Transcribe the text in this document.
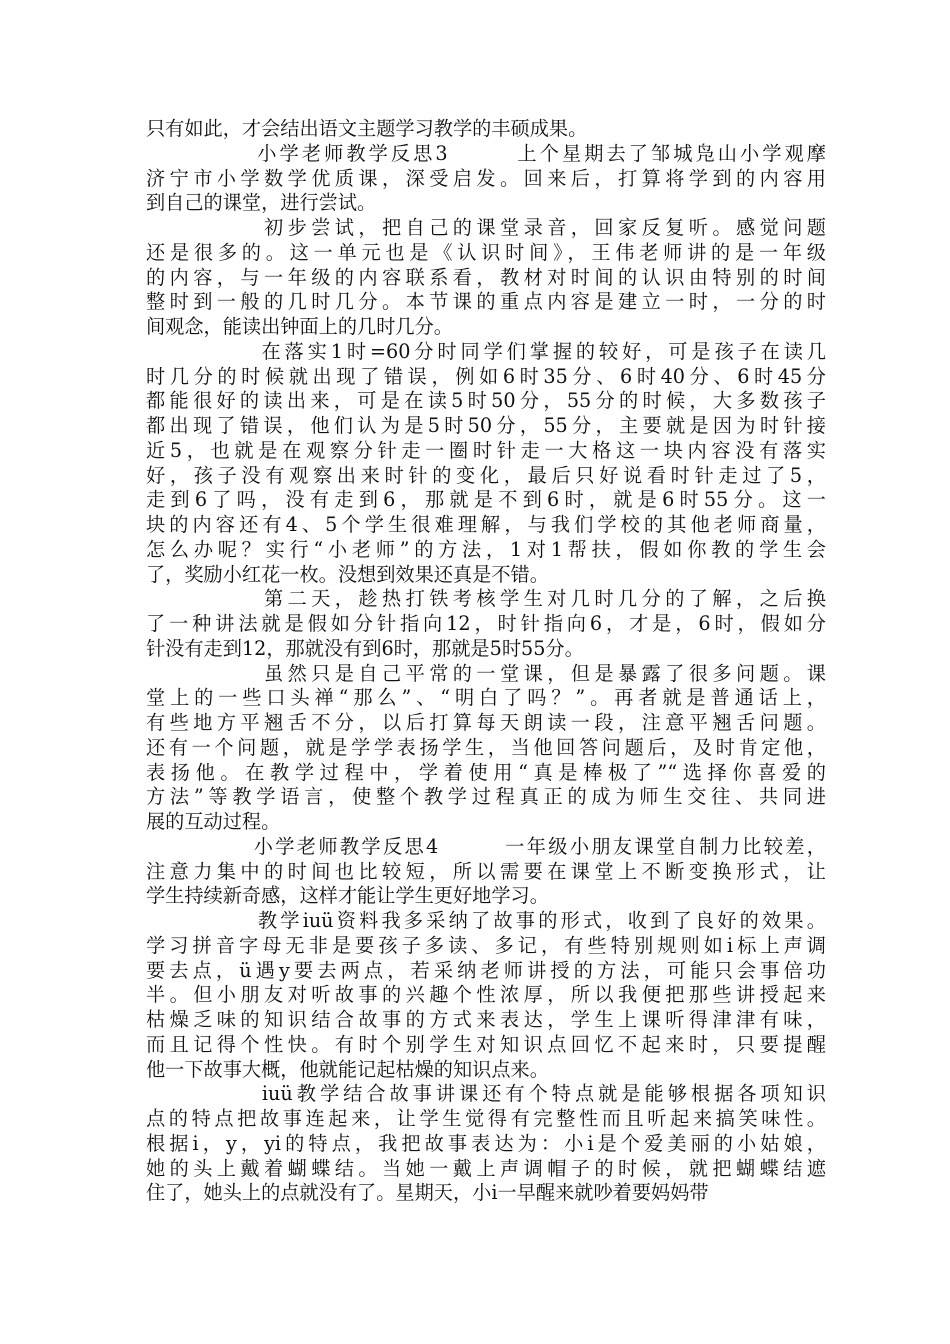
只有如此，才会结出语文主题学习教学的丰硕成果。
　　　　　小学老师教学反思3　　　上个星期去了邹城凫山小学观摩
济宁市小学数学优质课，深受启发。回来后，打算将学到的内容用
到自己的课堂，进行尝试。
　　　　　初步尝试，把自己的课堂录音，回家反复听。感觉问题
还是很多的。这一单元也是《认识时间》，王伟老师讲的是一年级
的内容，与一年级的内容联系看，教材对时间的认识由特别的时间
整时到一般的几时几分。本节课的重点内容是建立一时，一分的时
间观念，能读出钟面上的几时几分。
　　　　　在落实1时=60分时同学们掌握的较好，可是孩子在读几
时几分的时候就出现了错误，例如6时35分、6时40分、6时45分
都能很好的读出来，可是在读5时50分，55分的时候，大多数孩子
都出现了错误，他们认为是5时50分，55分，主要就是因为时针接
近5，也就是在观察分针走一圈时针走一大格这一块内容没有落实
好，孩子没有观察出来时针的变化，最后只好说看时针走过了5，
走到6了吗，没有走到6，那就是不到6时，就是6时55分。这一
块的内容还有4、5个学生很难理解，与我们学校的其他老师商量，
怎么办呢？实行“小老师”的方法，1对1帮扶，假如你教的学生会
了，奖励小红花一枚。没想到效果还真是不错。
　　　　　第二天，趁热打铁考核学生对几时几分的了解，之后换
了一种讲法就是假如分针指向12，时针指向6，才是，6时，假如分
针没有走到12，那就没有到6时，那就是5时55分。
　　　　　虽然只是自己平常的一堂课，但是暴露了很多问题。课
堂上的一些口头禅“那么”、“明白了吗？”。再者就是普通话上，
有些地方平翘舌不分，以后打算每天朗读一段，注意平翘舌问题。
还有一个问题，就是学学表扬学生，当他回答问题后，及时肯定他，
表扬他。在教学过程中，学着使用“真是棒极了”“选择你喜爱的
方法”等教学语言，使整个教学过程真正的成为师生交往、共同进
展的互动过程。
　　　　　小学老师教学反思4　　　一年级小朋友课堂自制力比较差，
注意力集中的时间也比较短，所以需要在课堂上不断变换形式，让
学生持续新奇感，这样才能让学生更好地学习。
　　　　　教学iuü资料我多采纳了故事的形式，收到了良好的效果。
学习拼音字母无非是要孩子多读、多记，有些特别规则如i标上声调
要去点，ü遇y要去两点，若采纳老师讲授的方法，可能只会事倍功
半。但小朋友对听故事的兴趣个性浓厚，所以我便把那些讲授起来
枯燥乏味的知识结合故事的方式来表达，学生上课听得津津有味，
而且记得个性快。有时个别学生对知识点回忆不起来时，只要提醒
他一下故事大概，他就能记起枯燥的知识点来。
　　　　　iuü教学结合故事讲课还有个特点就是能够根据各项知识
点的特点把故事连起来，让学生觉得有完整性而且听起来搞笑味性。
根据i，y，yi的特点，我把故事表达为：小i是个爱美丽的小姑娘，
她的头上戴着蝴蝶结。当她一戴上声调帽子的时候，就把蝴蝶结遮
住了，她头上的点就没有了。星期天，小i一早醒来就吵着要妈妈带
